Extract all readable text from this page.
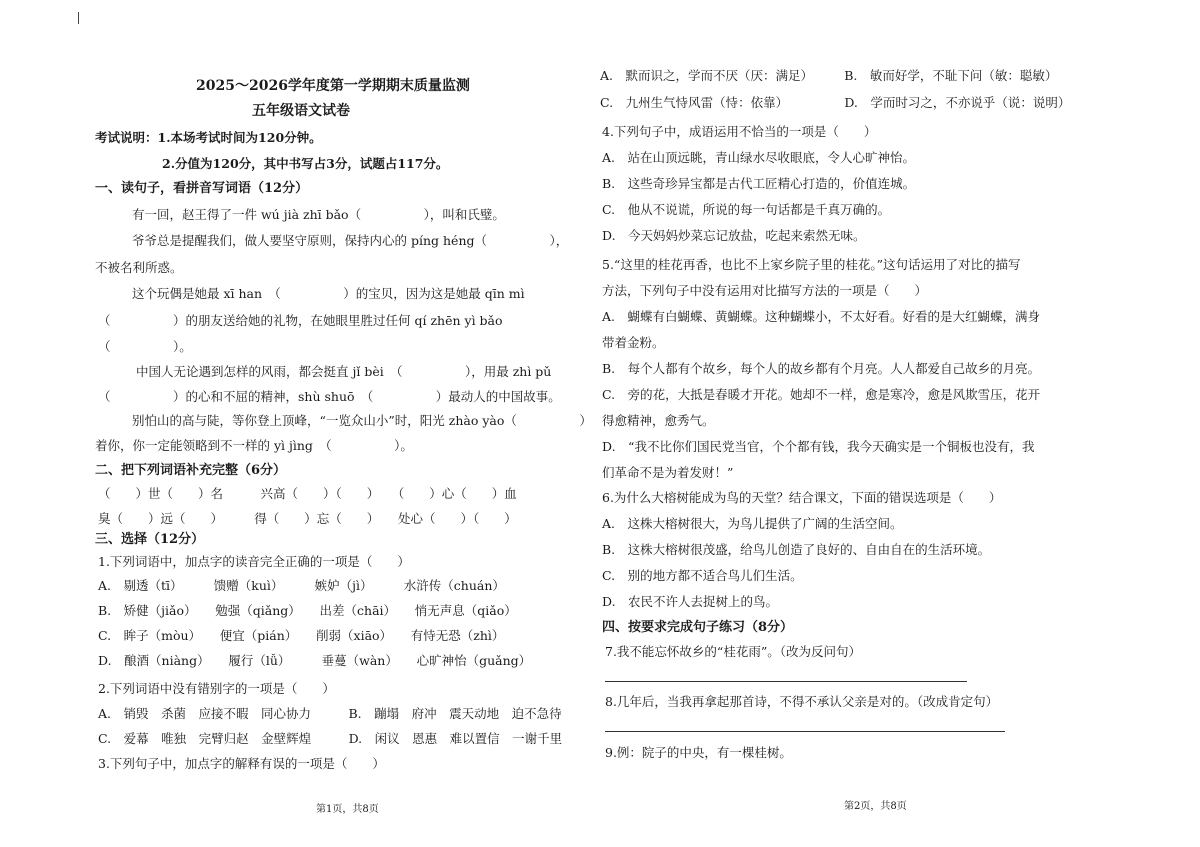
2025～2026学年度第一学期期末质量监测
五年级语文试卷
考试说明：1.本场考试时间为120分钟。
2.分值为120分，其中书写占3分，试题占117分。
一、读句子，看拼音写词语（12分）
有一回，赵王得了一件 wú jià zhī bǎo（　　　　　），叫和氏璧。
爷爷总是提醒我们，做人要坚守原则，保持内心的 píng héng（　　　　　），
不被名利所惑。
这个玩偶是她最 xī han　（　　　　　）的宝贝，因为这是她最 qīn mì
（　　　　　）的朋友送给她的礼物，在她眼里胜过任何 qí zhēn yì bǎo
（　　　　　）。
中国人无论遇到怎样的风雨，都会挺直 jǐ bèi　（　　　　　），用最 zhì pǔ
（　　　　　）的心和不屈的精神，shù shuō　（　　　　　）最动人的中国故事。
别怕山的高与陡，等你登上顶峰，“一览众山小”时，阳光 zhào yào（　　　　　）
着你，你一定能领略到不一样的 yì jìng　（　　　　　）。
二、把下列词语补充完整（6分）
（　　）世（　　）名　　　兴高（　　）（　　）　　（　　）心（　　）血
臭（　　）远（　　）　　　得（　　）忘（　　）　　处心（　　）（　　）
三、选择（12分）
1.下列词语中，加点字的读音完全正确的一项是（　　）
A.　剔透（tī）　　　馈赠（kuì）　　　嫉妒（jì）　　　水浒传（chuán）
B.　矫健（jiǎo）　　勉强（qiǎng）　　出差（chāi）　　悄无声息（qiǎo）
C.　眸子（mòu）　　便宜（pián）　　削弱（xiāo）　　有恃无恐（zhì）
D.　酿酒（niàng）　　履行（lǚ）　　　垂蔓（wàn）　　心旷神怡（guǎng）
2.下列词语中没有错别字的一项是（　　）
A.　销毁　杀菌　应接不暇　同心协力　　　B.　蹦塌　府冲　震天动地　迫不急待
C.　爱幕　唯独　完臂归赵　金壁辉煌　　　D.　闲议　恩惠　难以置信　一谢千里
3.下列句子中，加点字的解释有误的一项是（　　）
第1页，共8页
A.　默而识之，学而不厌（厌：满足）　　　B.　敏而好学，不耻下问（敏：聪敏）
C.　九州生气恃风雷（恃：依靠）　　　　　D.　学而时习之，不亦说乎（说：说明）
4.下列句子中，成语运用不恰当的一项是（　　）
A.　站在山顶远眺，青山绿水尽收眼底，令人心旷神怡。
B.　这些奇珍异宝都是古代工匠精心打造的，价值连城。
C.　他从不说谎，所说的每一句话都是千真万确的。
D.　今天妈妈炒菜忘记放盐，吃起来索然无味。
5.“这里的桂花再香，也比不上家乡院子里的桂花。”这句话运用了对比的描写
方法，下列句子中没有运用对比描写方法的一项是（　　）
A.　蝴蝶有白蝴蝶、黄蝴蝶。这种蝴蝶小，不太好看。好看的是大红蝴蝶，满身
带着金粉。
B.　每个人都有个故乡，每个人的故乡都有个月亮。人人都爱自己故乡的月亮。
C.　旁的花，大抵是春暖才开花。她却不一样，愈是寒冷，愈是风欺雪压，花开
得愈精神，愈秀气。
D.　“我不比你们国民党当官，个个都有钱，我今天确实是一个铜板也没有，我
们革命不是为着发财！”
6.为什么大榕树能成为鸟的天堂？结合课文，下面的错误选项是（　　）
A.　这株大榕树很大，为鸟儿提供了广阔的生活空间。
B.　这株大榕树很茂盛，给鸟儿创造了良好的、自由自在的生活环境。
C.　别的地方都不适合鸟儿们生活。
D.　农民不许人去捉树上的鸟。
四、按要求完成句子练习（8分）
7.我不能忘怀故乡的“桂花雨”。（改为反问句）
8.几年后，当我再拿起那首诗，不得不承认父亲是对的。（改成肯定句）
9.例：院子的中央，有一棵桂树。
第2页，共8页
